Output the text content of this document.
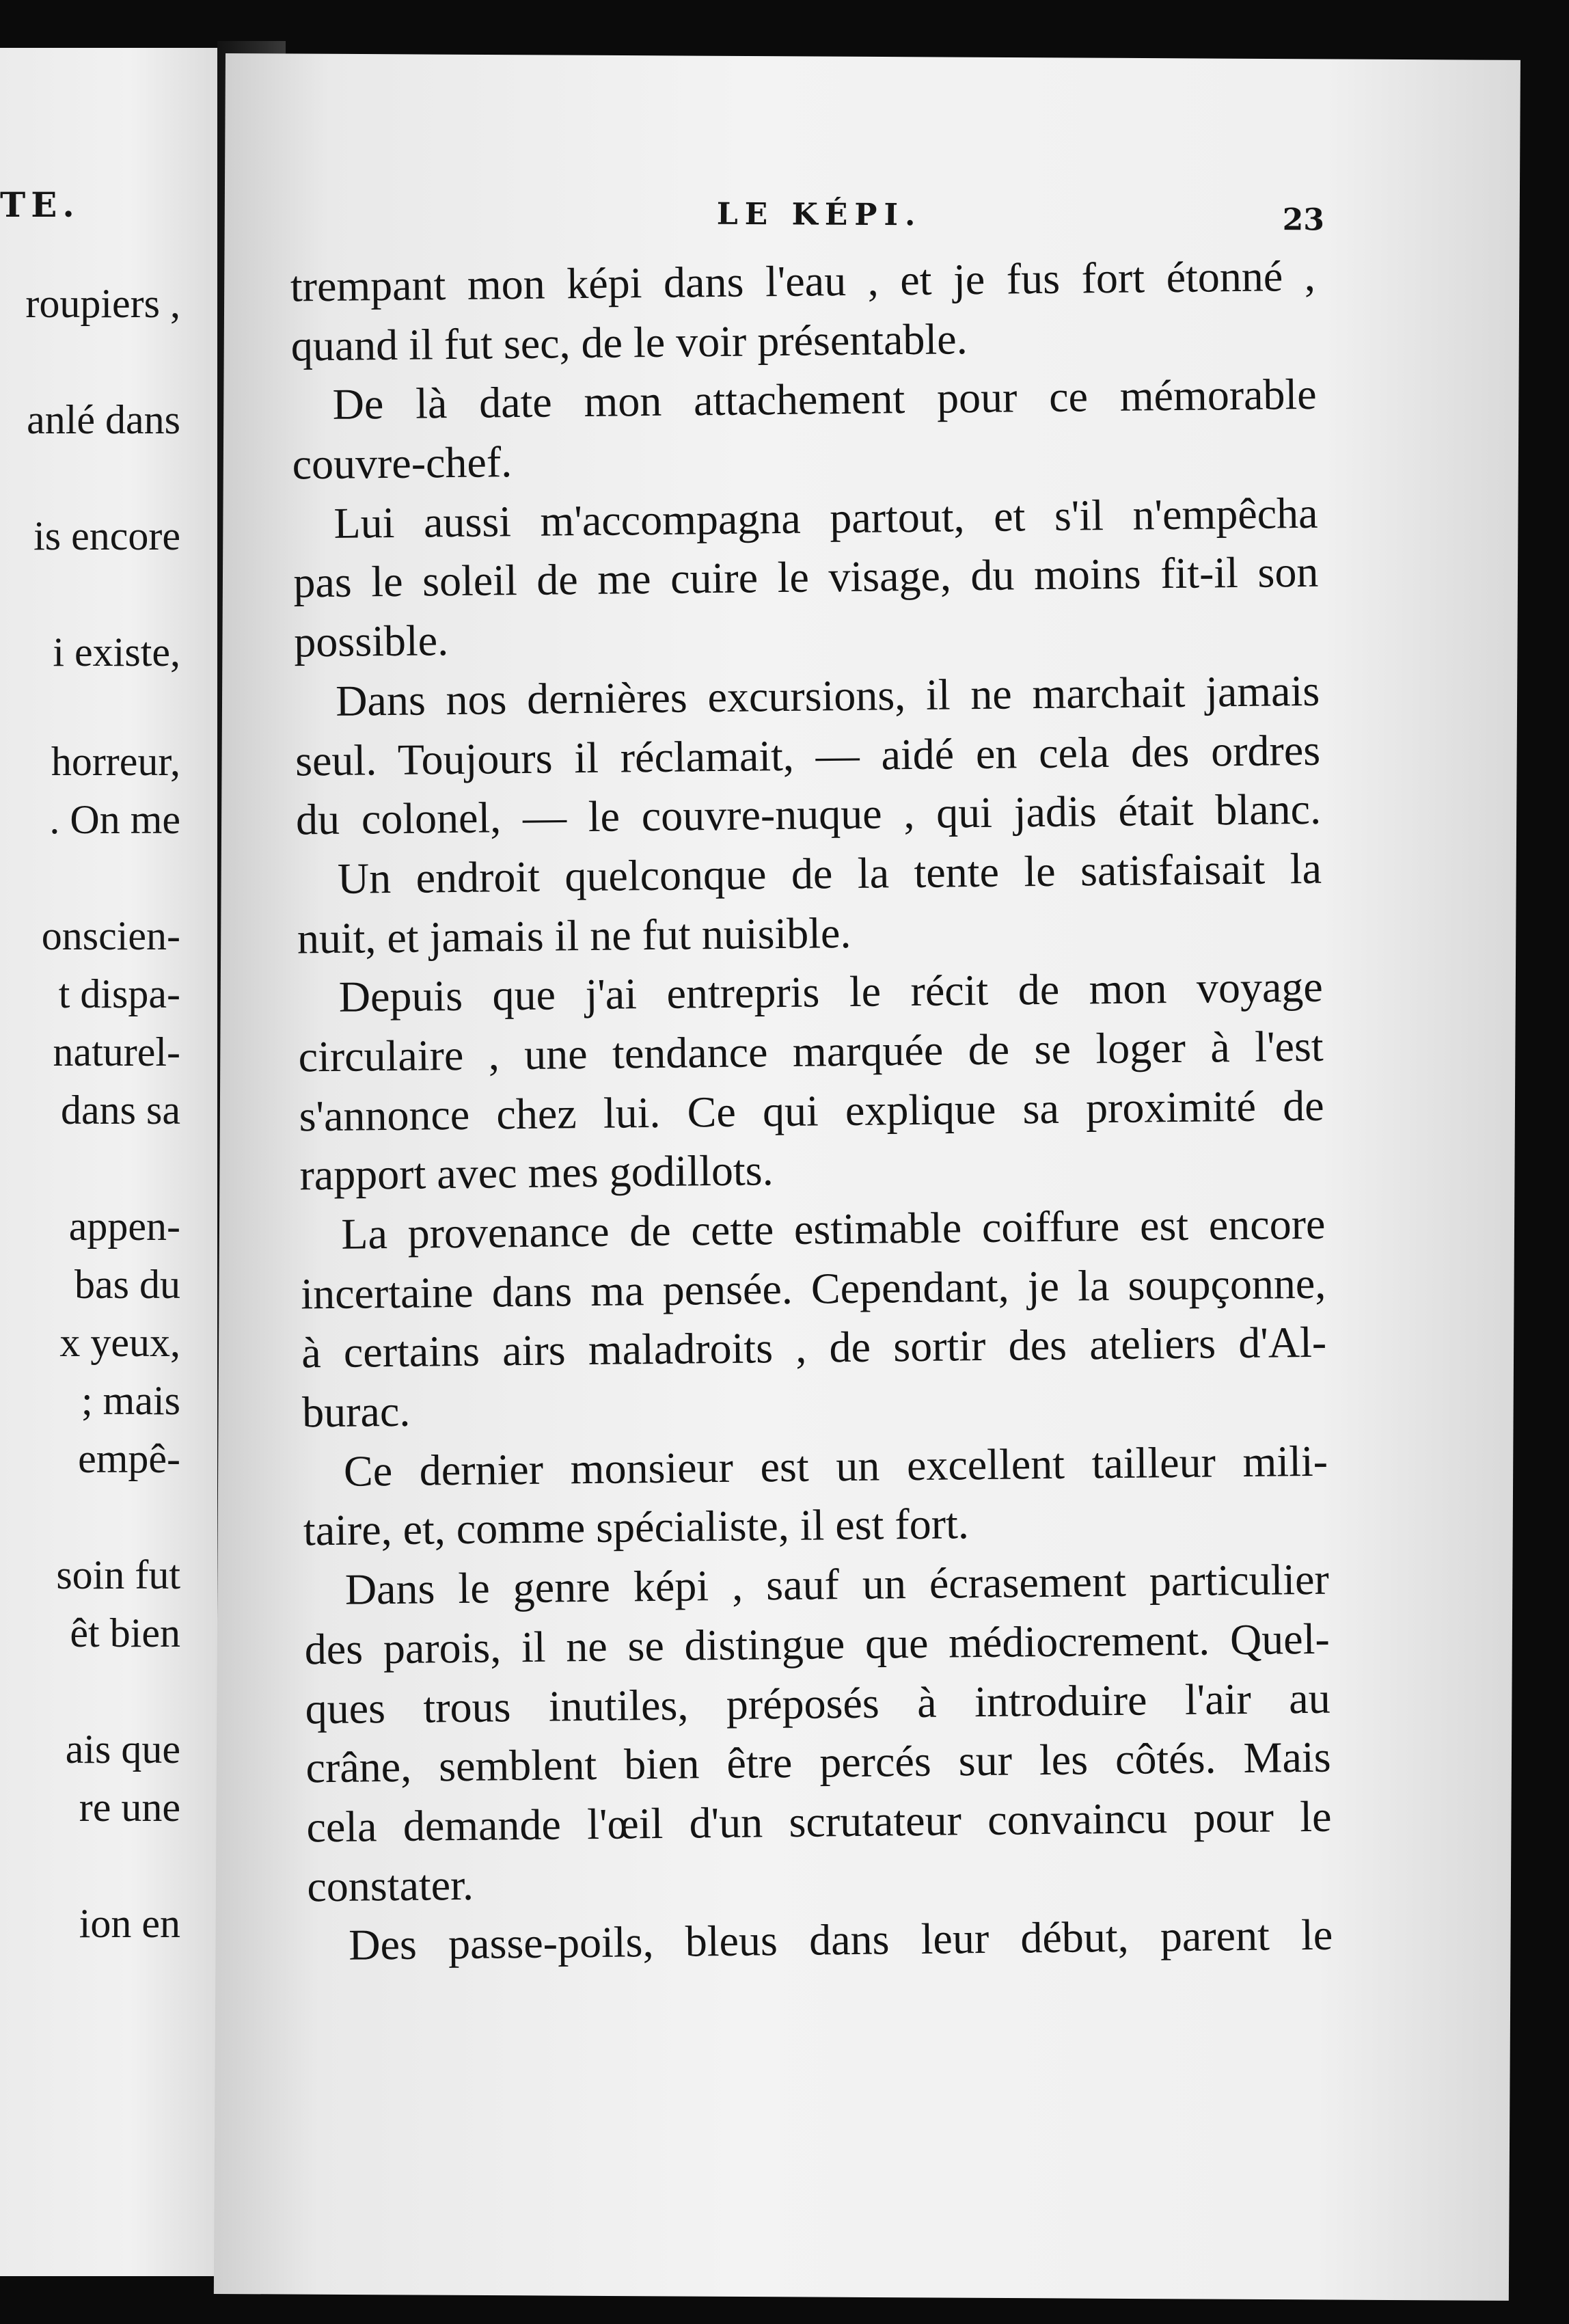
TE.
roupiers ,
anlé dans
is encore
i existe,
horreur,
. On me
onscien-
t dispa-
naturel-
dans sa
appen-
bas du
x yeux,
; mais
empê-
soin fut
êt bien
ais que
re une
ion en
LE KÉPI.	23
trempant mon képi dans l'eau , et je fus fort étonné ,
quand il fut sec, de le voir présentable.
De là date mon attachement pour ce mémorable
couvre-chef.
Lui aussi m'accompagna partout, et s'il n'empêcha
pas le soleil de me cuire le visage, du moins fit-il son
possible.
Dans nos dernières excursions, il ne marchait jamais
seul. Toujours il réclamait, — aidé en cela des ordres
du colonel, — le couvre-nuque , qui jadis était blanc.
Un endroit quelconque de la tente le satisfaisait la
nuit, et jamais il ne fut nuisible.
Depuis que j'ai entrepris le récit de mon voyage
circulaire , une tendance marquée de se loger à l'est
s'annonce chez lui. Ce qui explique sa proximité de
rapport avec mes godillots.
La provenance de cette estimable coiffure est encore
incertaine dans ma pensée. Cependant, je la soupçonne,
à certains airs maladroits , de sortir des ateliers d'Al-
burac.
Ce dernier monsieur est un excellent tailleur mili-
taire, et, comme spécialiste, il est fort.
Dans le genre képi , sauf un écrasement particulier
des parois, il ne se distingue que médiocrement. Quel-
ques trous inutiles, préposés à introduire l'air au
crâne, semblent bien être percés sur les côtés. Mais
cela demande l'œil d'un scrutateur convaincu pour le
constater.
Des passe-poils, bleus dans leur début, parent le
